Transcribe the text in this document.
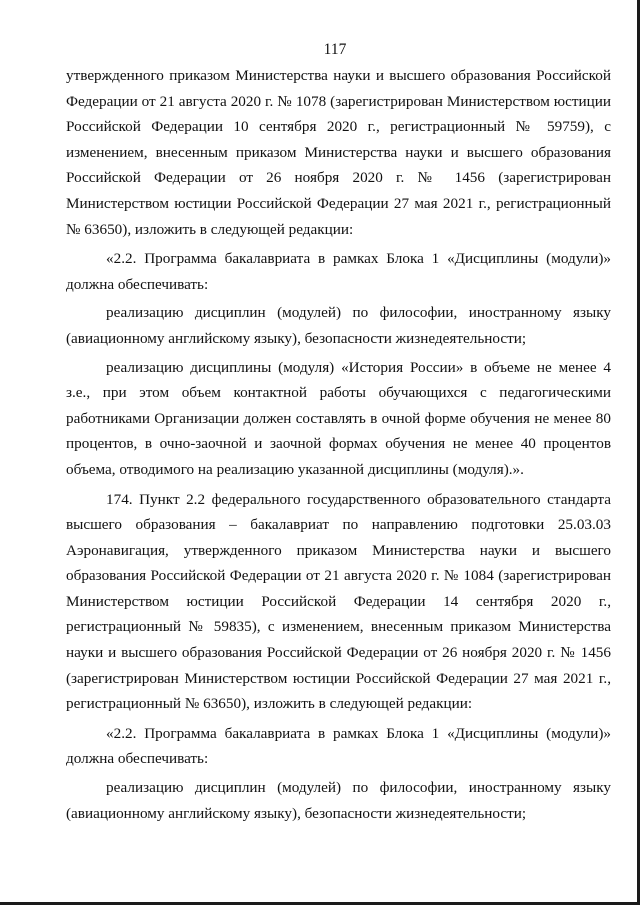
117

утвержденного приказом Министерства науки и высшего образования Российской Федерации от 21 августа 2020 г. № 1078 (зарегистрирован Министерством юстиции Российской Федерации 10 сентября 2020 г., регистрационный № 59759), с изменением, внесенным приказом Министерства науки и высшего образования Российской Федерации от 26 ноября 2020 г. № 1456 (зарегистрирован Министерством юстиции Российской Федерации 27 мая 2021 г., регистрационный № 63650), изложить в следующей редакции:

«2.2. Программа бакалавриата в рамках Блока 1 «Дисциплины (модули)» должна обеспечивать:

реализацию дисциплин (модулей) по философии, иностранному языку (авиационному английскому языку), безопасности жизнедеятельности;

реализацию дисциплины (модуля) «История России» в объеме не менее 4 з.е., при этом объем контактной работы обучающихся с педагогическими работниками Организации должен составлять в очной форме обучения не менее 80 процентов, в очно-заочной и заочной формах обучения не менее 40 процентов объема, отводимого на реализацию указанной дисциплины (модуля).».

174. Пункт 2.2 федерального государственного образовательного стандарта высшего образования – бакалавриат по направлению подготовки 25.03.03 Аэронавигация, утвержденного приказом Министерства науки и высшего образования Российской Федерации от 21 августа 2020 г. № 1084 (зарегистрирован Министерством юстиции Российской Федерации 14 сентября 2020 г., регистрационный № 59835), с изменением, внесенным приказом Министерства науки и высшего образования Российской Федерации от 26 ноября 2020 г. № 1456 (зарегистрирован Министерством юстиции Российской Федерации 27 мая 2021 г., регистрационный № 63650), изложить в следующей редакции:

«2.2. Программа бакалавриата в рамках Блока 1 «Дисциплины (модули)» должна обеспечивать:

реализацию дисциплин (модулей) по философии, иностранному языку (авиационному английскому языку), безопасности жизнедеятельности;
